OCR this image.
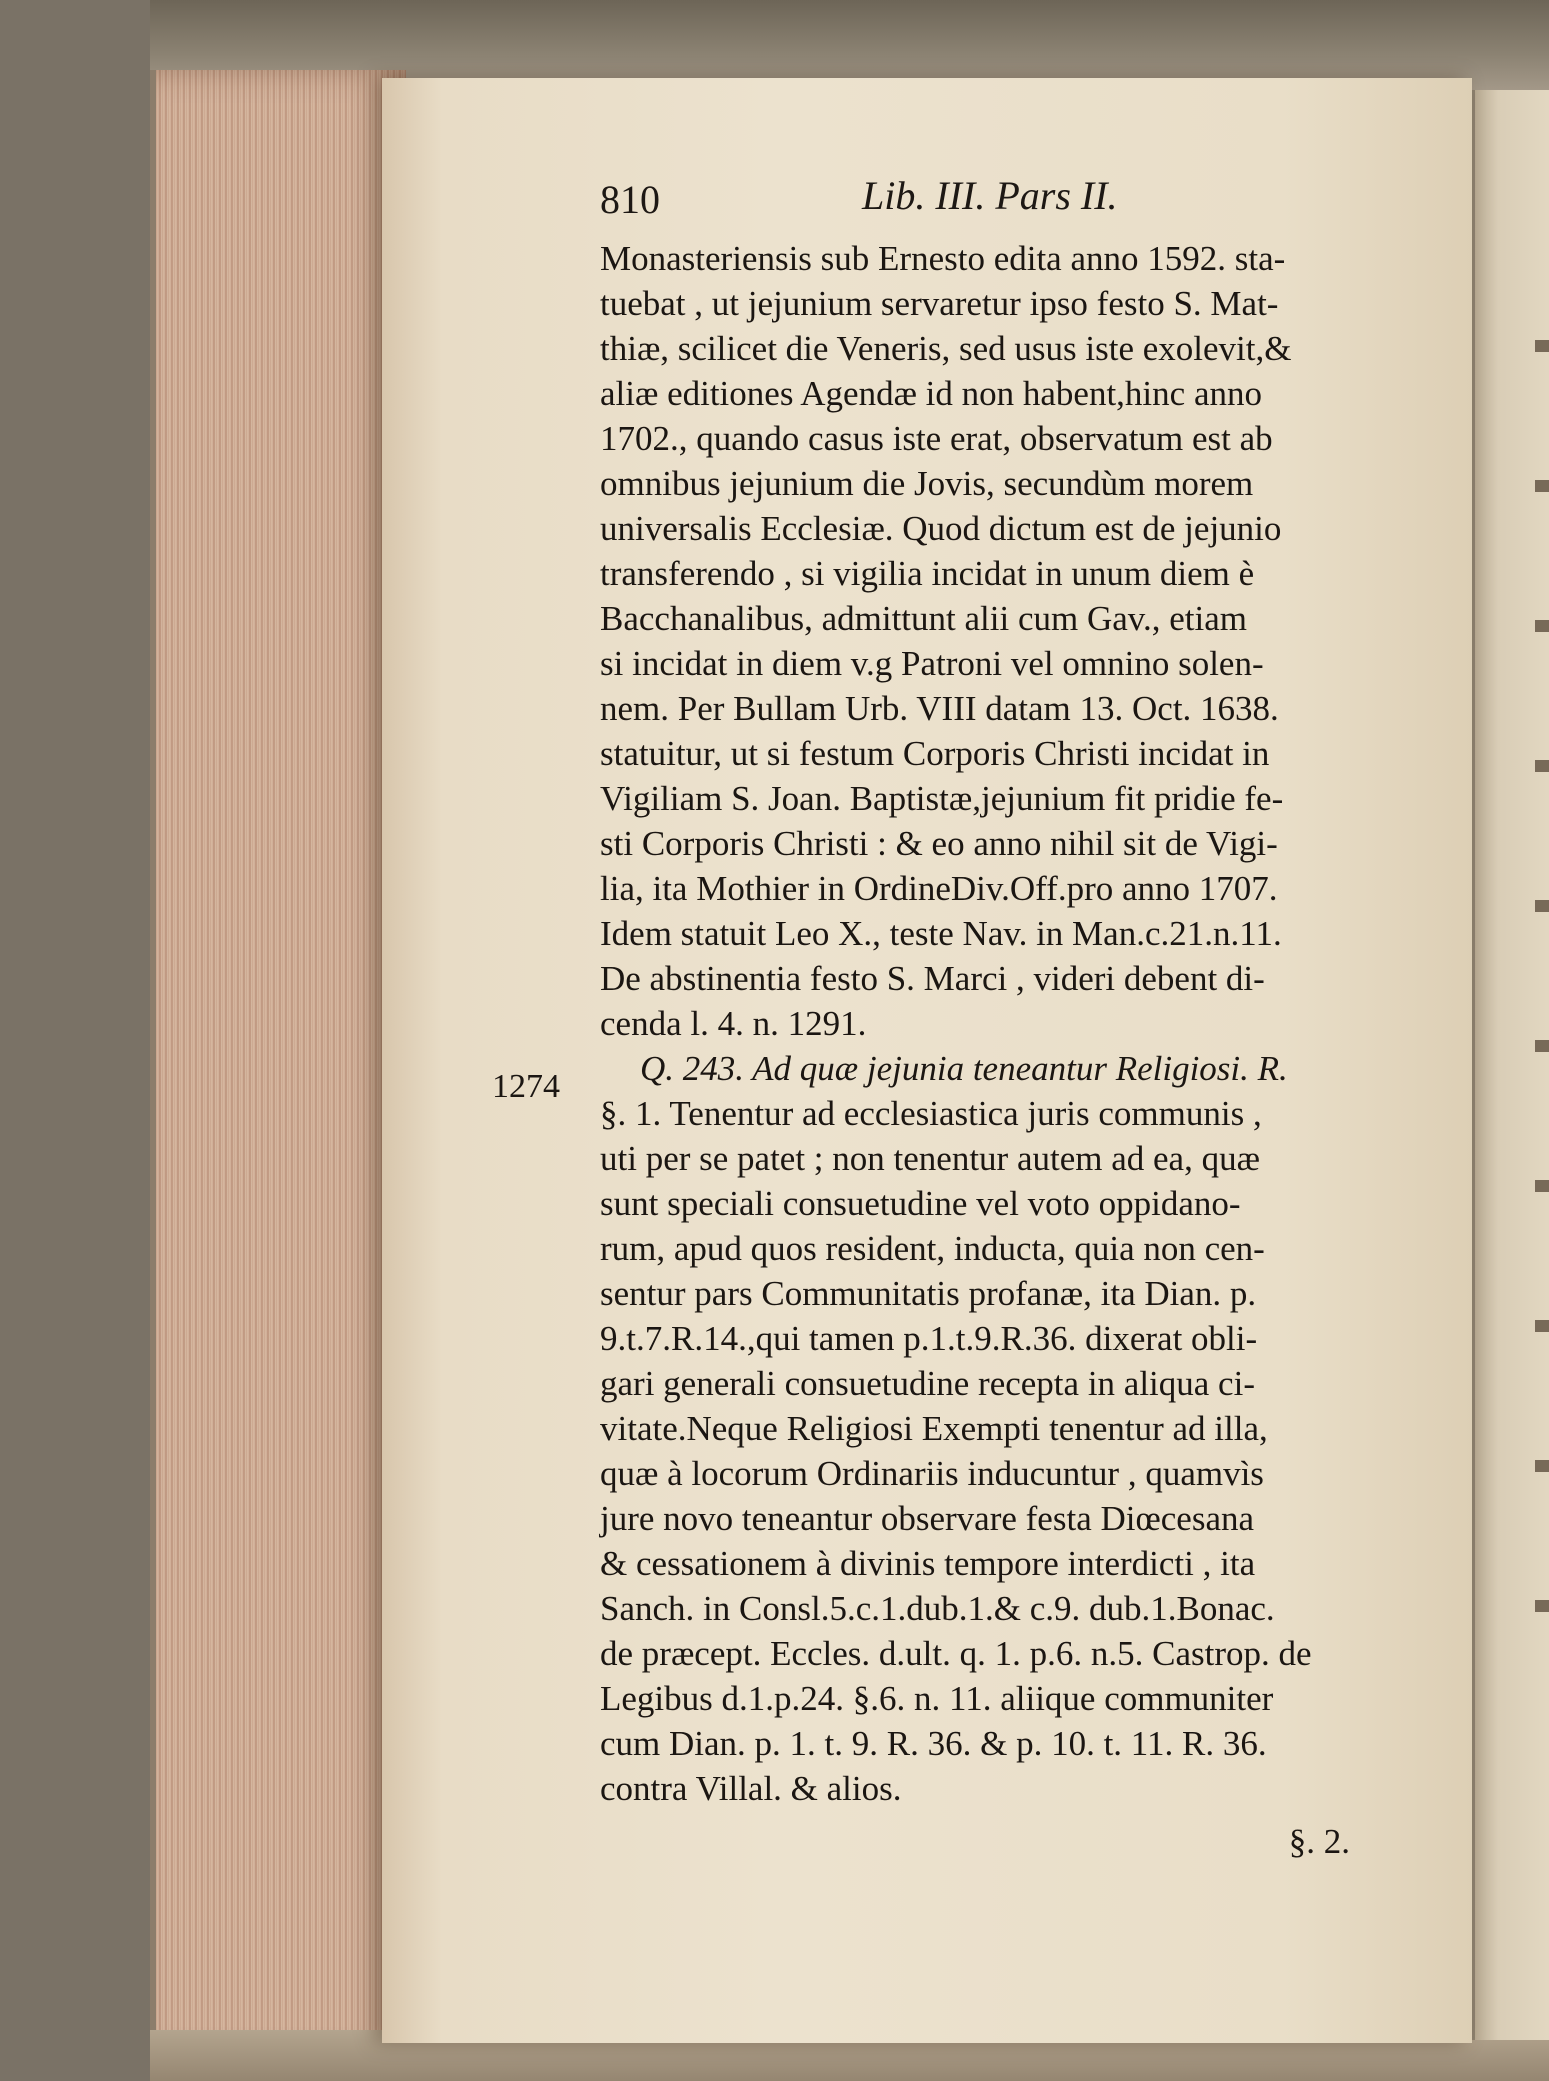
810	Lib. III. Pars II.
1274
Monasteriensis sub Ernesto edita anno 1592. sta-
tuebat , ut jejunium servaretur ipso festo S. Mat-
thiæ, scilicet die Veneris, sed usus iste exolevit,&
aliæ editiones Agendæ id non habent,hinc anno
1702., quando casus iste erat, observatum est ab
omnibus jejunium die Jovis, secundùm morem
universalis Ecclesiæ. Quod dictum est de jejunio
transferendo , si vigilia incidat in unum diem è
Bacchanalibus, admittunt alii cum Gav., etiam
si incidat in diem v.g Patroni vel omnino solen-
nem. Per Bullam Urb. VIII datam 13. Oct. 1638.
statuitur, ut si festum Corporis Christi incidat in
Vigiliam S. Joan. Baptistæ,jejunium fit pridie fe-
sti Corporis Christi : & eo anno nihil sit de Vigi-
lia, ita Mothier in OrdineDiv.Off.pro anno 1707.
Idem statuit Leo X., teste Nav. in Man.c.21.n.11.
De abstinentia festo S. Marci , videri debent di-
cenda l. 4. n. 1291.
Q. 243. Ad quæ jejunia teneantur Religiosi. R.
§. 1. Tenentur ad ecclesiastica juris communis ,
uti per se patet ; non tenentur autem ad ea, quæ
sunt speciali consuetudine vel voto oppidano-
rum, apud quos resident, inducta, quia non cen-
sentur pars Communitatis profanæ, ita Dian. p.
9.t.7.R.14.,qui tamen p.1.t.9.R.36. dixerat obli-
gari generali consuetudine recepta in aliqua ci-
vitate.Neque Religiosi Exempti tenentur ad illa,
quæ à locorum Ordinariis inducuntur , quamvìs
jure novo teneantur observare festa Diœcesana
& cessationem à divinis tempore interdicti , ita
Sanch. in Consl.5.c.1.dub.1.& c.9. dub.1.Bonac.
de præcept. Eccles. d.ult. q. 1. p.6. n.5. Castrop. de
Legibus d.1.p.24. §.6. n. 11. aliique communiter
cum Dian. p. 1. t. 9. R. 36. & p. 10. t. 11. R. 36.
contra Villal. & alios.
§. 2.
